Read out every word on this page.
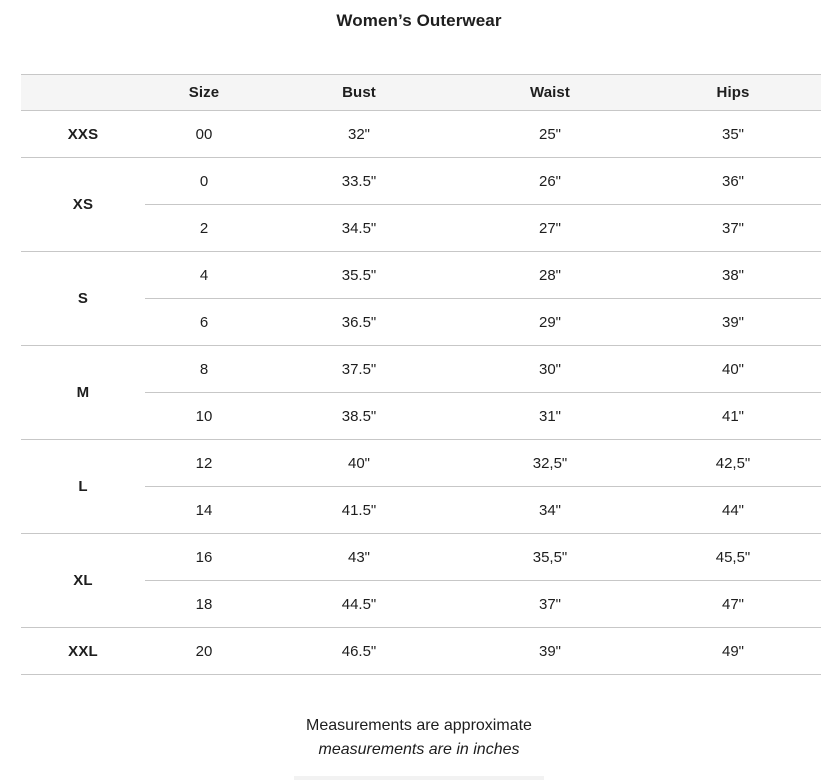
Women’s Outerwear
	Size	Bust	Waist	Hips
XXS	00	32"	25"	35"
XS	0	33.5"	26"	36"
	2	34.5"	27"	37"
S	4	35.5"	28"	38"
	6	36.5"	29"	39"
M	8	37.5"	30"	40"
	10	38.5"	31"	41"
L	12	40"	32,5"	42,5"
	14	41.5"	34"	44"
XL	16	43"	35,5"	45,5"
	18	44.5"	37"	47"
XXL	20	46.5"	39"	49"
Measurements are approximate
measurements are in inches
